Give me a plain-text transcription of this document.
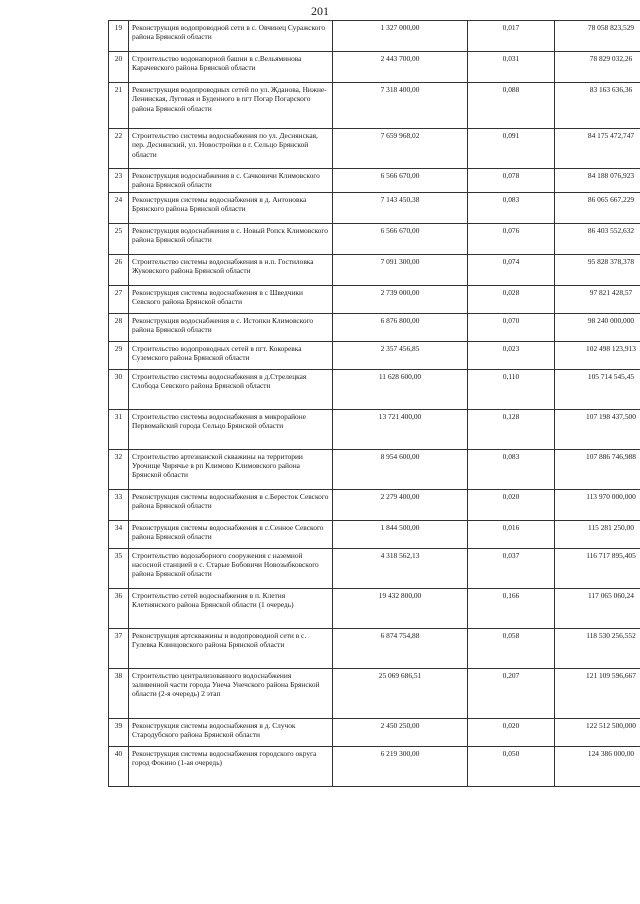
201
19	Реконструкция водопроводной сети в с. Овчинец Суражского района Брянской области	1 327 000,00	0,017	78 058 823,529
20	Строительство водонапорной башни в с.Вельяминова Карачевского района Брянской области	2 443 700,00	0,031	78 829 032,26
21	Реконструкция водопроводных сетей по ул. Жданова, Нижне-Ленинская, Луговая и Буденного в пгт Погар Погарского района Брянской области	7 318 400,00	0,088	83 163 636,36
22	Строительство системы водоснабжения по ул. Деснянская, пер. Деснянский, ул. Новостройки в г. Сельцо Брянской области	7 659 968,02	0,091	84 175 472,747
23	Реконструкция водоснабжения в с. Сачковичи Климовского района Брянской области	6 566 670,00	0,078	84 188 076,923
24	Реконструкция системы водоснабжения в д. Антоновка Брянского района Брянской области	7 143 450,38	0,083	86 065 667,229
25	Реконструкция водоснабжения в с. Новый Ропск Климовского района Брянской области	6 566 670,00	0,076	86 403 552,632
26	Строительство системы водоснабжения в н.п. Гостиловка Жуковского района Брянской области	7 091 300,00	0,074	95 828 378,378
27	Реконструкция системы водоснабжения в с Шведчики Севского района Брянской области	2 739 000,00	0,028	97 821 428,57
28	Реконструкция водоснабжения в с. Истопки Климовского района Брянской области	6 876 800,00	0,070	98 240 000,000
29	Строительство водопроводных сетей в пгт. Кокоревка Суземского района Брянской области	2 357 456,85	0,023	102 498 123,913
30	Строительство системы водоснабжения в д.Стрелецкая Слобода Севского района Брянской области	11 628 600,00	0,110	105 714 545,45
31	Строительство системы водоснабжения в микрорайоне Первомайский города Сельцо Брянской области	13 721 400,00	0,128	107 198 437,500
32	Строительство артезианской скважины на территории Урочище Чирячье в рп Климово Климовского района Брянской области	8 954 600,00	0,083	107 886 746,988
33	Реконструкция системы водоснабжения в с.Береcток Севского района Брянской области	2 279 400,00	0,020	113 970 000,000
34	Реконструкция системы водоснабжения в с.Сенное Севского района Брянской области	1 844 500,00	0,016	115 281 250,00
35	Строительство водозаборного сооружения с наземной насосной станцией в с. Старые Бобовичи Новозыбковского района Брянской области	4 318 562,13	0,037	116 717 895,405
36	Строительство сетей водоснабжения в п. Клетня Клетнянского района Брянской области (1 очередь)	19 432 800,00	0,166	117 065 060,24
37	Реконструкция артскважины и водопроводной сети в с. Гулевка Клинцовского района Брянской области	6 874 754,88	0,058	118 530 256,552
38	Строительство централизованного водоснабжения заливенной части города Унеча Унечского района Брянской области (2-я очередь) 2 этап	25 069 686,51	0,207	121 109 596,667
39	Реконструкция системы водоснабжения в д. Случок Стародубского района Брянской области	2 450 250,00	0,020	122 512 500,000
40	Реконструкция системы водоснабжения городского округа город Фокино (1-ая очередь)	6 219 300,00	0,050	124 386 000,00
